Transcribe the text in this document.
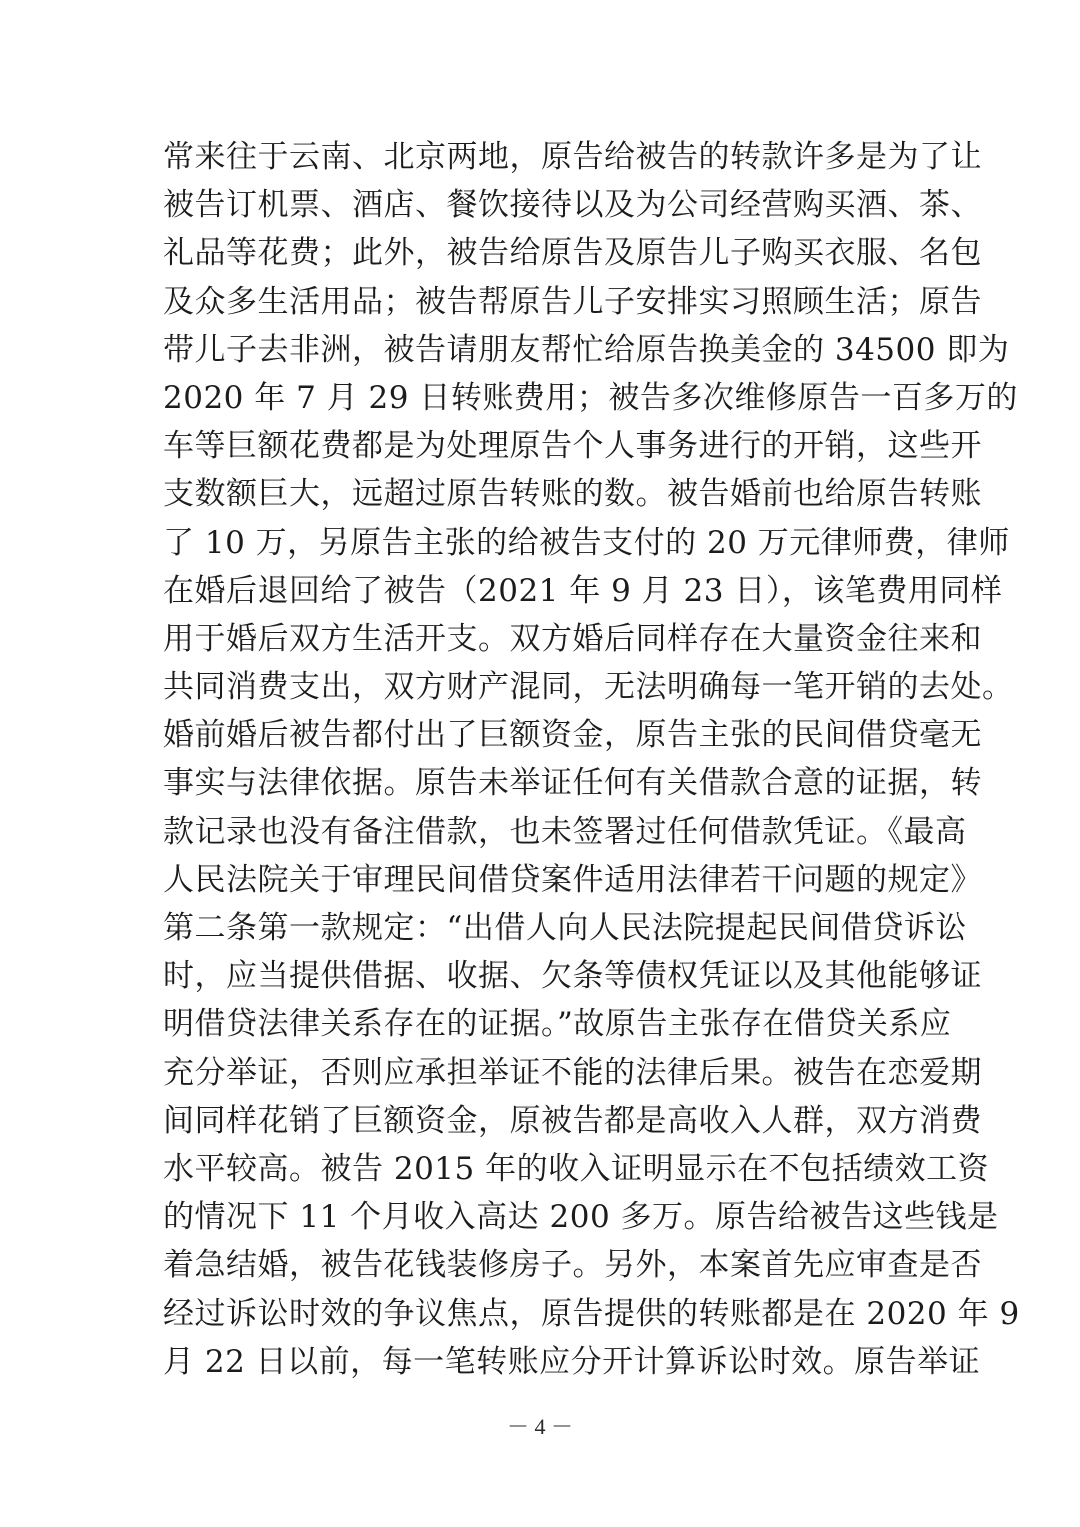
常来往于云南、北京两地，原告给被告的转款许多是为了让
被告订机票、酒店、餐饮接待以及为公司经营购买酒、茶、
礼品等花费；此外，被告给原告及原告儿子购买衣服、名包
及众多生活用品；被告帮原告儿子安排实习照顾生活；原告
带儿子去非洲，被告请朋友帮忙给原告换美金的 34500 即为
2020 年 7 月 29 日转账费用；被告多次维修原告一百多万的
车等巨额花费都是为处理原告个人事务进行的开销，这些开
支数额巨大，远超过原告转账的数。被告婚前也给原告转账
了 10 万，另原告主张的给被告支付的 20 万元律师费，律师
在婚后退回给了被告（2021 年 9 月 23 日），该笔费用同样
用于婚后双方生活开支。双方婚后同样存在大量资金往来和
共同消费支出，双方财产混同，无法明确每一笔开销的去处。
婚前婚后被告都付出了巨额资金，原告主张的民间借贷毫无
事实与法律依据。原告未举证任何有关借款合意的证据，转
款记录也没有备注借款，也未签署过任何借款凭证。《最高
人民法院关于审理民间借贷案件适用法律若干问题的规定》
第二条第一款规定：“出借人向人民法院提起民间借贷诉讼
时，应当提供借据、收据、欠条等债权凭证以及其他能够证
明借贷法律关系存在的证据。”故原告主张存在借贷关系应
充分举证，否则应承担举证不能的法律后果。被告在恋爱期
间同样花销了巨额资金，原被告都是高收入人群，双方消费
水平较高。被告 2015 年的收入证明显示在不包括绩效工资
的情况下 11 个月收入高达 200 多万。原告给被告这些钱是
着急结婚，被告花钱装修房子。另外，本案首先应审查是否
经过诉讼时效的争议焦点，原告提供的转账都是在 2020 年 9
月 22 日以前，每一笔转账应分开计算诉讼时效。原告举证
－ 4 －
